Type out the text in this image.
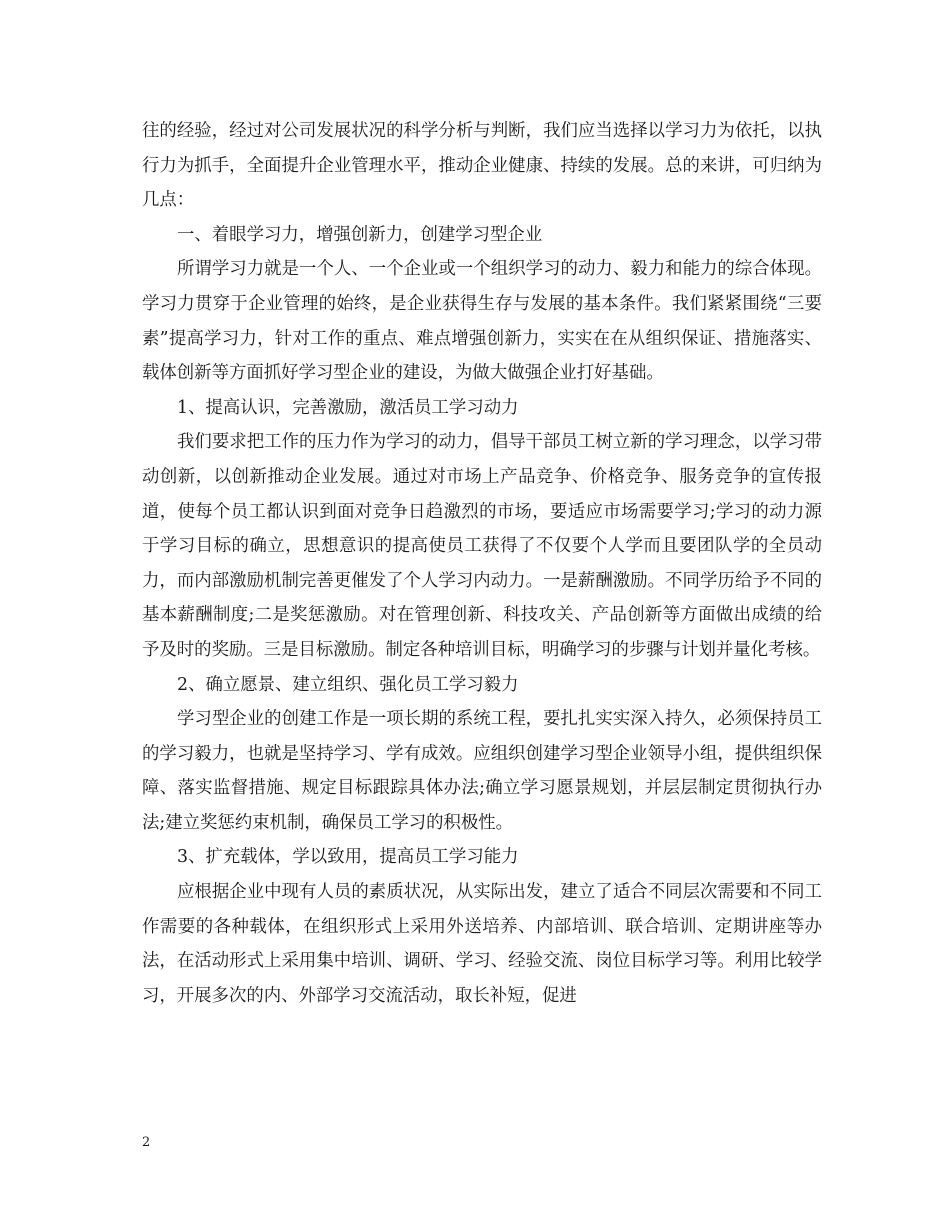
往的经验，经过对公司发展状况的科学分析与判断，我们应当选择以学习力为依托，以执行力为抓手，全面提升企业管理水平，推动企业健康、持续的发展。总的来讲，可归纳为几点：

一、着眼学习力，增强创新力，创建学习型企业

所谓学习力就是一个人、一个企业或一个组织学习的动力、毅力和能力的综合体现。学习力贯穿于企业管理的始终，是企业获得生存与发展的基本条件。我们紧紧围绕“三要素”提高学习力，针对工作的重点、难点增强创新力，实实在在从组织保证、措施落实、载体创新等方面抓好学习型企业的建设，为做大做强企业打好基础。

1、提高认识，完善激励，激活员工学习动力

我们要求把工作的压力作为学习的动力，倡导干部员工树立新的学习理念，以学习带动创新，以创新推动企业发展。通过对市场上产品竞争、价格竞争、服务竞争的宣传报道，使每个员工都认识到面对竞争日趋激烈的市场，要适应市场需要学习;学习的动力源于学习目标的确立，思想意识的提高使员工获得了不仅要个人学而且要团队学的全员动力，而内部激励机制完善更催发了个人学习内动力。一是薪酬激励。不同学历给予不同的基本薪酬制度;二是奖惩激励。对在管理创新、科技攻关、产品创新等方面做出成绩的给予及时的奖励。三是目标激励。制定各种培训目标，明确学习的步骤与计划并量化考核。

2、确立愿景、建立组织、强化员工学习毅力

学习型企业的创建工作是一项长期的系统工程，要扎扎实实深入持久，必须保持员工的学习毅力，也就是坚持学习、学有成效。应组织创建学习型企业领导小组，提供组织保障、落实监督措施、规定目标跟踪具体办法;确立学习愿景规划，并层层制定贯彻执行办法;建立奖惩约束机制，确保员工学习的积极性。

3、扩充载体，学以致用，提高员工学习能力

应根据企业中现有人员的素质状况，从实际出发，建立了适合不同层次需要和不同工作需要的各种载体，在组织形式上采用外送培养、内部培训、联合培训、定期讲座等办法，在活动形式上采用集中培训、调研、学习、经验交流、岗位目标学习等。利用比较学习，开展多次的内、外部学习交流活动，取长补短，促进

2
